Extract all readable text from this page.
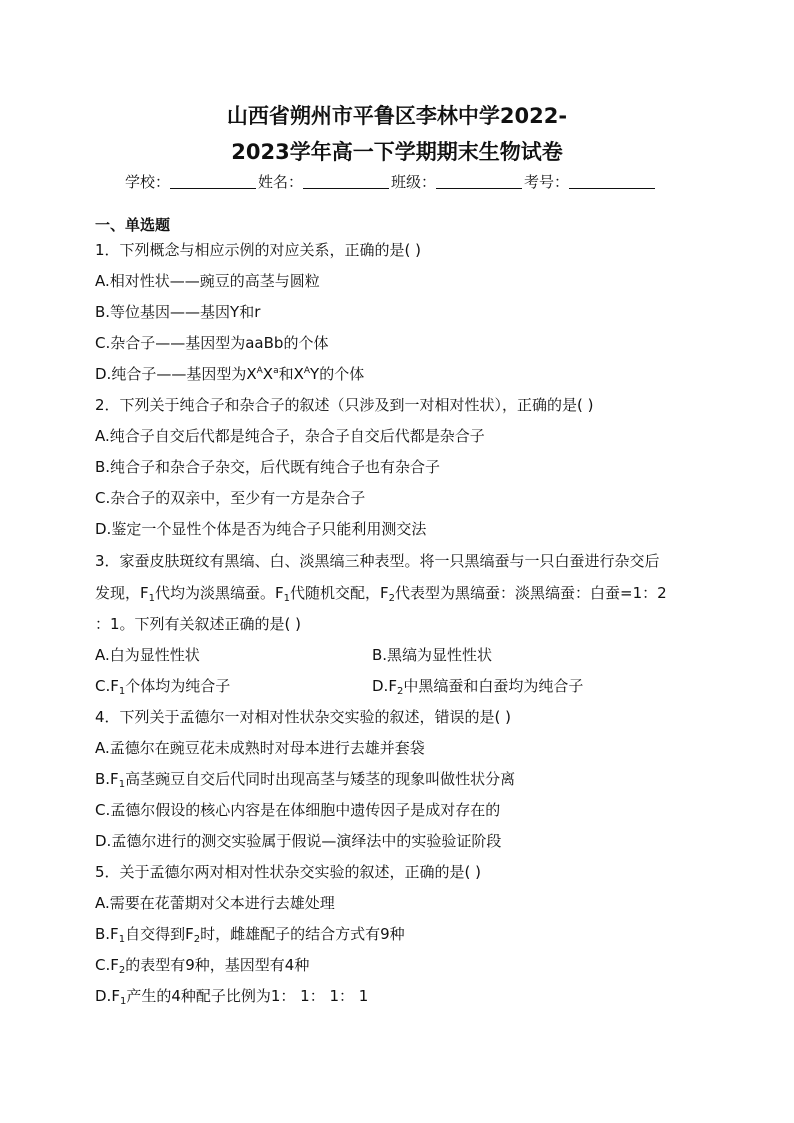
山西省朔州市平鲁区李林中学2022-
2023学年高一下学期期末生物试卷
学校：	姓名：	班级：	考号：
一、单选题
1．下列概念与相应示例的对应关系，正确的是( )
A.相对性状——豌豆的高茎与圆粒
B.等位基因——基因Y和r
C.杂合子——基因型为aaBb的个体
D.纯合子——基因型为$X^AX^a$和$X^AY$的个体
2．下列关于纯合子和杂合子的叙述（只涉及到一对相对性状），正确的是( )
A.纯合子自交后代都是纯合子，杂合子自交后代都是杂合子
B.纯合子和杂合子杂交，后代既有纯合子也有杂合子
C.杂合子的双亲中，至少有一方是杂合子
D.鉴定一个显性个体是否为纯合子只能利用测交法
3．家蚕皮肤斑纹有黑缟、白、淡黑缟三种表型。将一只黑缟蚕与一只白蚕进行杂交后
发现，$F_1$代均为淡黑缟蚕。$F_1$代随机交配，$F_2$代表型为黑缟蚕：淡黑缟蚕：白蚕=1：2
：1。下列有关叙述正确的是( )
A.白为显性性状	B.黑缟为显性性状
$C.F_1$个体均为纯合子	$D.F_2$中黑缟蚕和白蚕均为纯合子
4．下列关于孟德尔一对相对性状杂交实验的叙述，错误的是( )
A.孟德尔在豌豆花未成熟时对母本进行去雄并套袋
$B.F_1$高茎豌豆自交后代同时出现高茎与矮茎的现象叫做性状分离
C.孟德尔假设的核心内容是在体细胞中遗传因子是成对存在的
D.孟德尔进行的测交实验属于假说—演绎法中的实验验证阶段
5．关于孟德尔两对相对性状杂交实验的叙述，正确的是( )
A.需要在花蕾期对父本进行去雄处理
$B.F_1$自交得到$F_2$时，雌雄配子的结合方式有9种
$C.F_2$的表型有9种，基因型有4种
$D.F_1$产生的4种配子比例为1： 1： 1： 1
